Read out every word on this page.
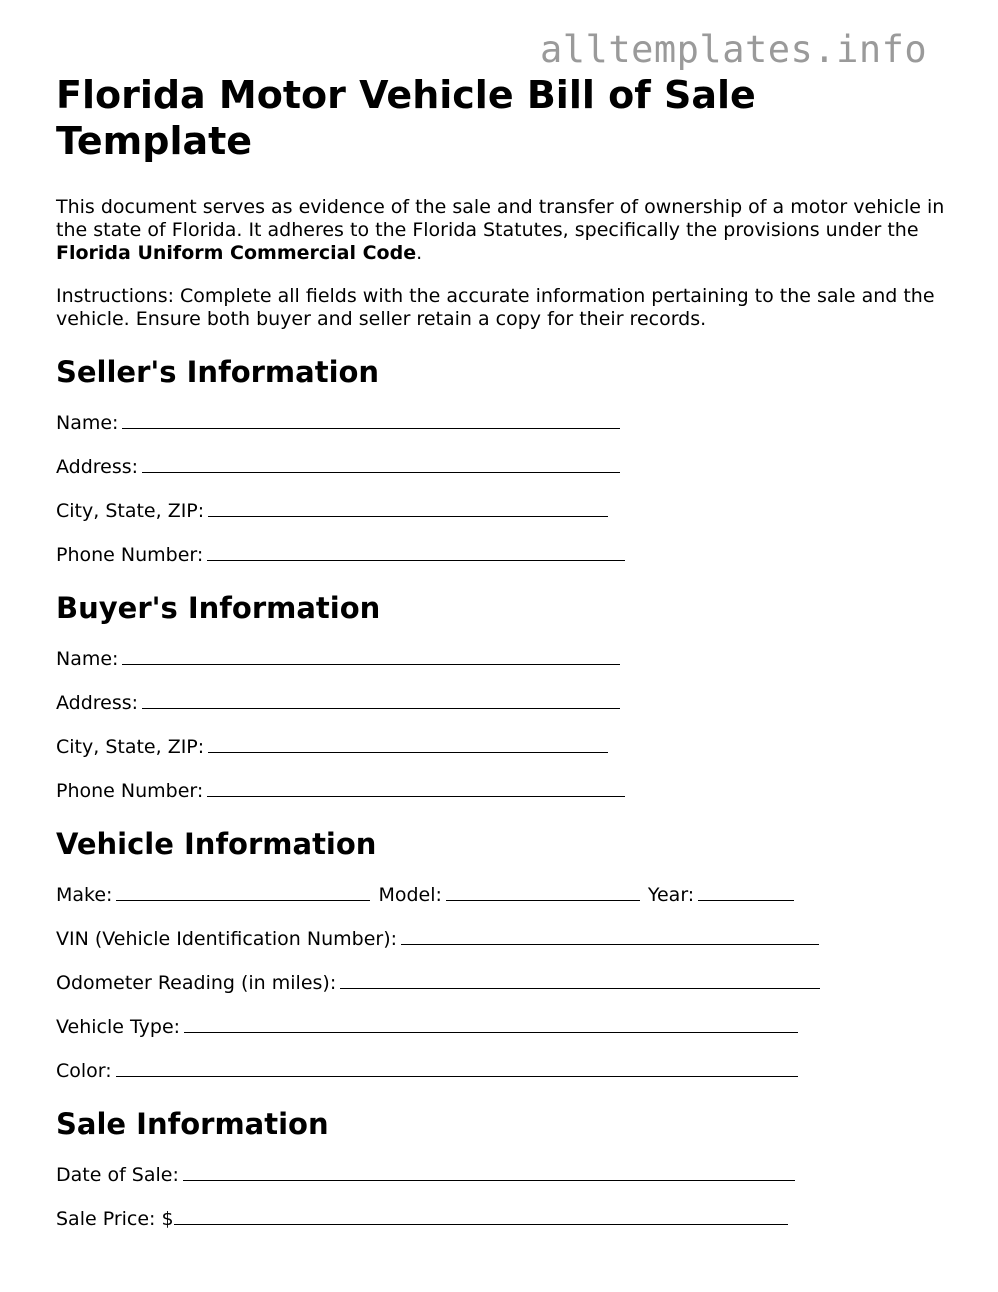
alltemplates.info
Florida Motor Vehicle Bill of Sale Template

This document serves as evidence of the sale and transfer of ownership of a motor vehicle in the state of Florida. It adheres to the Florida Statutes, specifically the provisions under the Florida Uniform Commercial Code.

Instructions: Complete all fields with the accurate information pertaining to the sale and the vehicle. Ensure both buyer and seller retain a copy for their records.

Seller's Information
Name:
Address:
City, State, ZIP:
Phone Number:
Buyer's Information
Name:
Address:
City, State, ZIP:
Phone Number:
Vehicle Information
Make:	Model:	Year:
VIN (Vehicle Identification Number):
Odometer Reading (in miles):
Vehicle Type:
Color:
Sale Information
Date of Sale:
Sale Price: $
